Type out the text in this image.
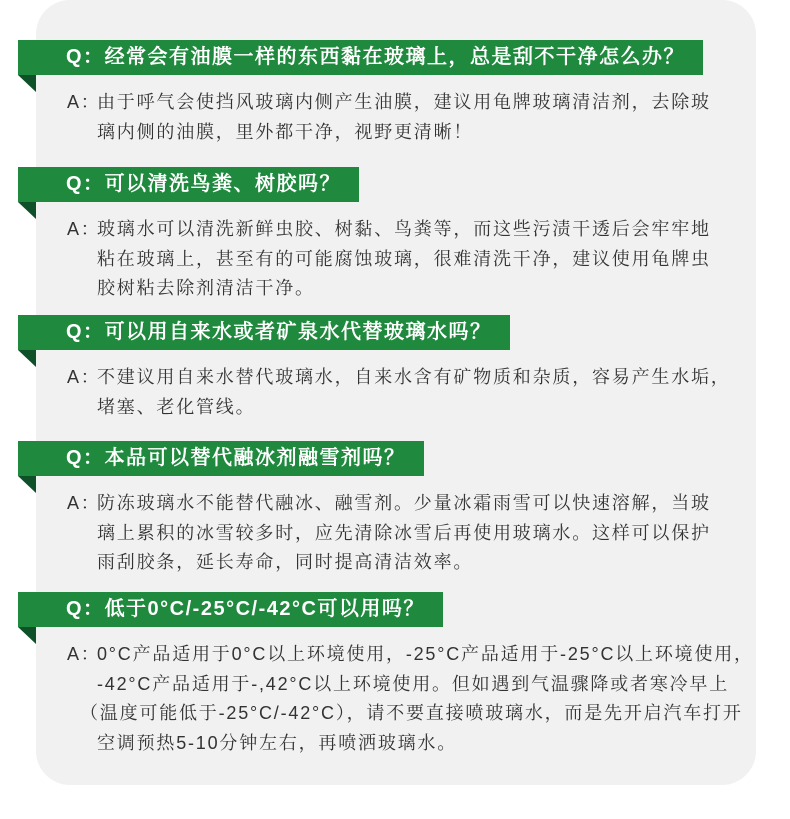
Q：经常会有油膜一样的东西黏在玻璃上，总是刮不干净怎么办？
A：
由于呼气会使挡风玻璃内侧产生油膜，建议用龟牌玻璃清洁剂，去除玻
璃内侧的油膜，里外都干净，视野更清晰！
Q：可以清洗鸟粪、树胶吗？
A：
玻璃水可以清洗新鲜虫胶、树黏、鸟粪等，而这些污渍干透后会牢牢地
粘在玻璃上，甚至有的可能腐蚀玻璃，很难清洗干净，建议使用龟牌虫
胶树粘去除剂清洁干净。
Q：可以用自来水或者矿泉水代替玻璃水吗？
A：
不建议用自来水替代玻璃水，自来水含有矿物质和杂质，容易产生水垢，
堵塞、老化管线。
Q：本品可以替代融冰剂融雪剂吗？
A：
防冻玻璃水不能替代融冰、融雪剂。少量冰霜雨雪可以快速溶解，当玻
璃上累积的冰雪较多时，应先清除冰雪后再使用玻璃水。这样可以保护
雨刮胶条，延长寿命，同时提高清洁效率。
Q：低于0°C/-25°C/-42°C可以用吗？
A：
0°C产品适用于0°C以上环境使用，-25°C产品适用于-25°C以上环境使用，
-42°C产品适用于-,42°C以上环境使用。但如遇到气温骤降或者寒冷早上
（温度可能低于-25°C/-42°C），请不要直接喷玻璃水，而是先开启汽车打开
空调预热5-10分钟左右，再喷洒玻璃水。
